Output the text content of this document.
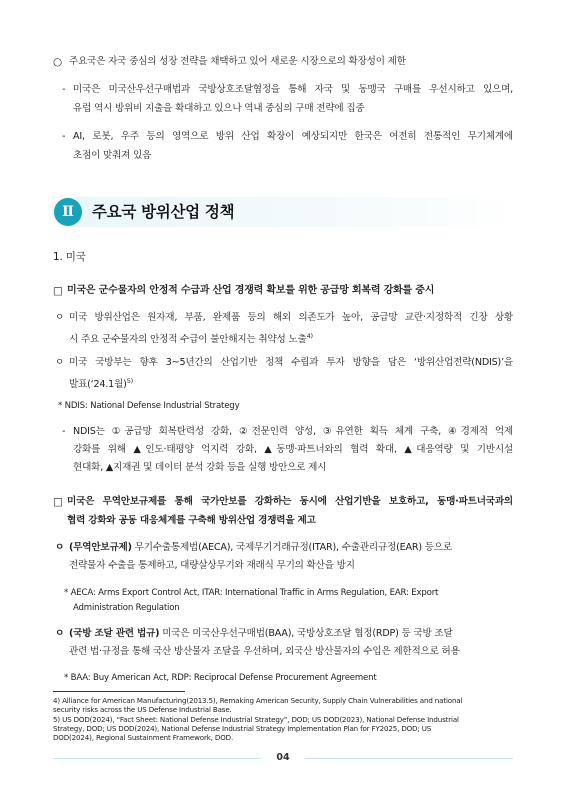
○ 주요국은 자국 중심의 성장 전략을 채택하고 있어 새로운 시장으로의 확장성이 제한
- 미국은 미국산우선구매법과 국방상호조달협정을 통해 자국 및 동맹국 구매를 우선시하고 있으며,
유럽 역시 방위비 지출을 확대하고 있으나 역내 중심의 구매 전략에 집중
- AI, 로봇, 우주 등의 영역으로 방위 산업 확장이 예상되지만 한국은 여전히 전통적인 무기체계에
초점이 맞춰져 있음
Ⅱ	주요국 방위산업 정책
1. 미국
□ 미국은 군수물자의 안정적 수급과 산업 경쟁력 확보를 위한 공급망 회복력 강화를 중시
ㅇ 미국 방위산업은 원자재, 부품, 완제품 등의 해외 의존도가 높아, 공급망 교란·지정학적 긴장 상황
시 주요 군수물자의 안정적 수급이 불안해지는 취약성 노출$^{4)}$
ㅇ 미국 국방부는 향후 3~5년간의 산업기반 정책 수립과 투자 방향을 담은 ‘방위산업전략(NDIS)’을
발표(‘24.1월)$^{5)}$
* NDIS: National Defense Industrial Strategy
- NDIS는 ①공급망 회복탄력성 강화, ②전문인력 양성, ③유연한 획득 체계 구축, ④경제적 억제
강화를 위해 ▲인도·태평양 억지력 강화, ▲동맹·파트너와의 협력 확대, ▲대응역량 및 기반시설
현대화, ▲지재권 및 데이터 분석 강화 등을 실행 방안으로 제시
□ 미국은 무역안보규제를 통해 국가안보를 강화하는 동시에 산업기반을 보호하고, 동맹·파트너국과의
협력 강화와 공동 대응체계를 구축해 방위산업 경쟁력을 제고
ㅇ (무역안보규제) 무기수출통제법(AECA), 국제무기거래규정(ITAR), 수출관리규정(EAR) 등으로
전략물자 수출을 통제하고, 대량살상무기와 재래식 무기의 확산을 방지
* AECA: Arms Export Control Act, ITAR: International Traffic in Arms Regulation, EAR: Export
Administration Regulation
ㅇ (국방 조달 관련 법규) 미국은 미국산우선구매법(BAA), 국방상호조달 협정(RDP) 등 국방 조달
관련 법·규정을 통해 국산 방산물자 조달을 우선하며, 외국산 방산물자의 수입은 제한적으로 허용
* BAA: Buy American Act, RDP: Reciprocal Defense Procurement Agreement
4) Alliance for American Manufacturing(2013.5), Remaking American Security, Supply Chain Vulnerabilities and national
security risks across the US Defense Industrial Base.
5) US DOD(2024), “Fact Sheet: National Defense Industrial Strategy”, DOD; US DOD(2023), National Defense Industrial
Strategy, DOD; US DOD(2024), National Defense Industrial Strategy Implementation Plan for FY2025, DOD; US
DOD(2024), Regional Sustainment Framework, DOD.
04
